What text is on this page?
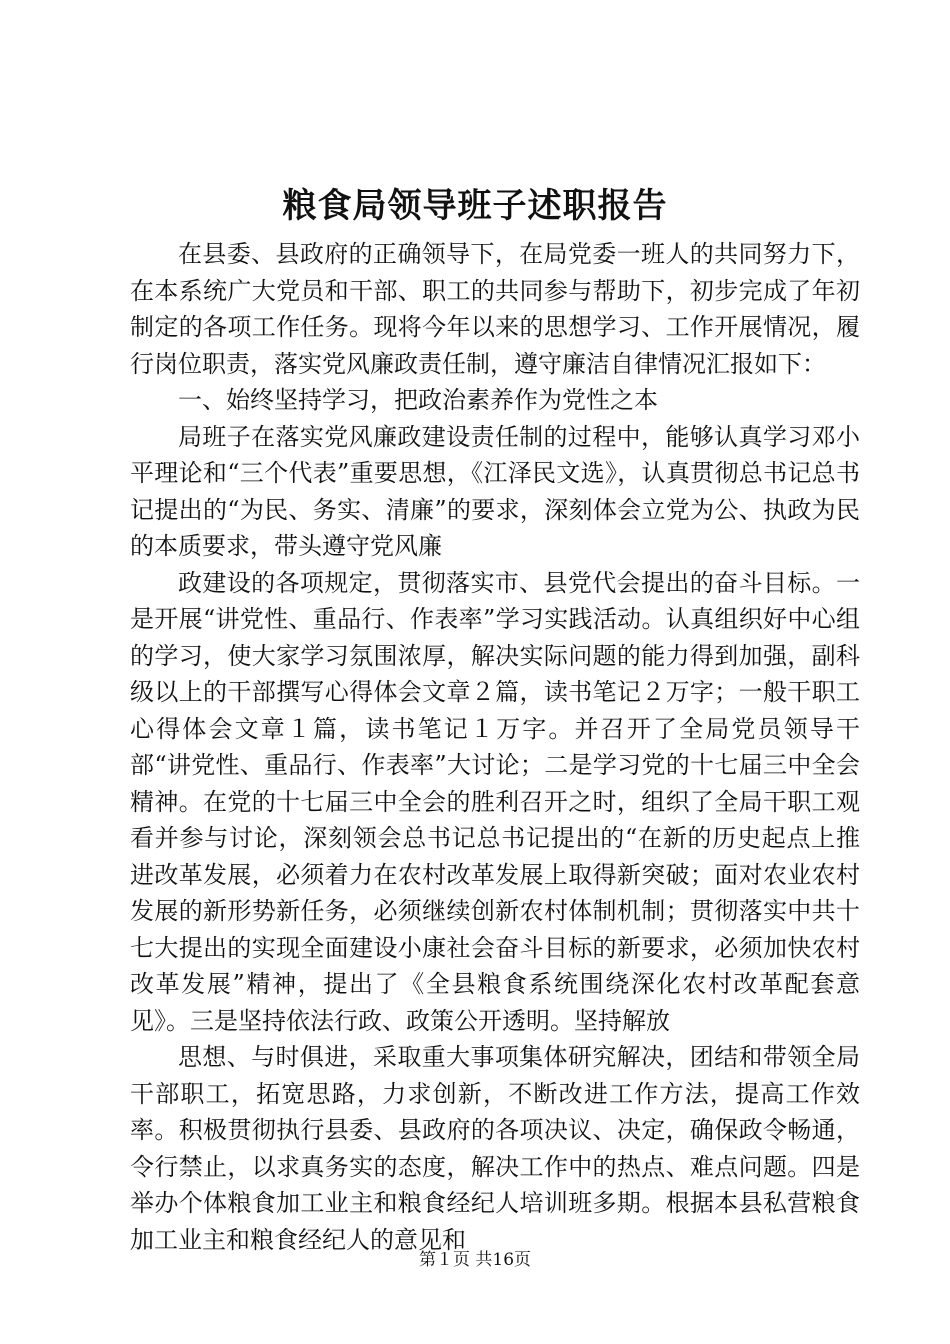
粮食局领导班子述职报告

在县委、县政府的正确领导下，在局党委一班人的共同努力下，在本系统广大党员和干部、职工的共同参与帮助下，初步完成了年初制定的各项工作任务。现将今年以来的思想学习、工作开展情况，履行岗位职责，落实党风廉政责任制，遵守廉洁自律情况汇报如下：

一、始终坚持学习，把政治素养作为党性之本

局班子在落实党风廉政建设责任制的过程中，能够认真学习邓小平理论和“三个代表”重要思想，《江泽民文选》，认真贯彻总书记总书记提出的“为民、务实、清廉”的要求，深刻体会立党为公、执政为民的本质要求，带头遵守党风廉

政建设的各项规定，贯彻落实市、县党代会提出的奋斗目标。一是开展“讲党性、重品行、作表率”学习实践活动。认真组织好中心组的学习，使大家学习氛围浓厚，解决实际问题的能力得到加强，副科级以上的干部撰写心得体会文章２篇，读书笔记２万字；一般干职工心得体会文章１篇，读书笔记１万字。并召开了全局党员领导干部“讲党性、重品行、作表率”大讨论；二是学习党的十七届三中全会精神。在党的十七届三中全会的胜利召开之时，组织了全局干职工观看并参与讨论，深刻领会总书记总书记提出的“在新的历史起点上推进改革发展，必须着力在农村改革发展上取得新突破；面对农业农村发展的新形势新任务，必须继续创新农村体制机制；贯彻落实中共十七大提出的实现全面建设小康社会奋斗目标的新要求，必须加快农村改革发展”精神，提出了《全县粮食系统围绕深化农村改革配套意见》。三是坚持依法行政、政策公开透明。坚持解放

思想、与时俱进，采取重大事项集体研究解决，团结和带领全局干部职工，拓宽思路，力求创新，不断改进工作方法，提高工作效率。积极贯彻执行县委、县政府的各项决议、决定，确保政令畅通，令行禁止，以求真务实的态度，解决工作中的热点、难点问题。四是举办个体粮食加工业主和粮食经纪人培训班多期。根据本县私营粮食加工业主和粮食经纪人的意见和

第１页 共16页
